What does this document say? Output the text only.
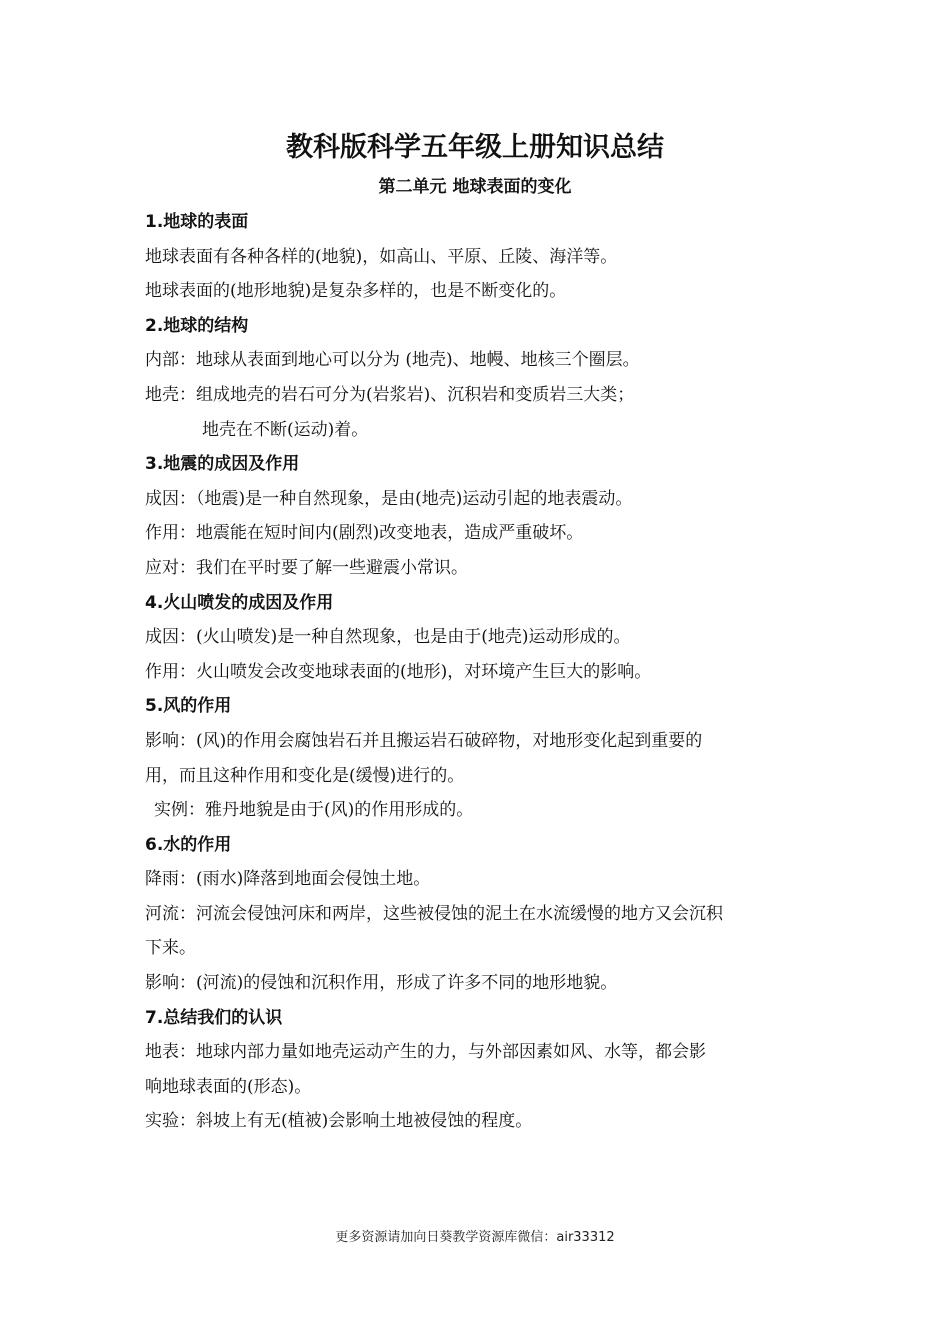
教科版科学五年级上册知识总结
第二单元 地球表面的变化
1.地球的表面
地球表面有各种各样的(地貌)，如高山、平原、丘陵、海洋等。
地球表面的(地形地貌)是复杂多样的，也是不断变化的。
2.地球的结构
内部：地球从表面到地心可以分为 (地壳)、地幔、地核三个圈层。
地壳：组成地壳的岩石可分为(岩浆岩)、沉积岩和变质岩三大类；
地壳在不断(运动)着。
3.地震的成因及作用
成因：（地震)是一种自然现象，是由(地壳)运动引起的地表震动。
作用：地震能在短时间内(剧烈)改变地表，造成严重破坏。
应对：我们在平时要了解一些避震小常识。
4.火山喷发的成因及作用
成因：(火山喷发)是一种自然现象，也是由于(地壳)运动形成的。
作用：火山喷发会改变地球表面的(地形)，对环境产生巨大的影响。
5.风的作用
影响：(风)的作用会腐蚀岩石并且搬运岩石破碎物，对地形变化起到重要的
用，而且这种作用和变化是(缓慢)进行的。
实例：雅丹地貌是由于(风)的作用形成的。
6.水的作用
降雨：(雨水)降落到地面会侵蚀土地。
河流：河流会侵蚀河床和两岸，这些被侵蚀的泥土在水流缓慢的地方又会沉积
下来。
影响：(河流)的侵蚀和沉积作用，形成了许多不同的地形地貌。
7.总结我们的认识
地表：地球内部力量如地壳运动产生的力，与外部因素如风、水等，都会影
响地球表面的(形态)。
实验：斜坡上有无(植被)会影响土地被侵蚀的程度。

更多资源请加向日葵教学资源库微信：air33312
